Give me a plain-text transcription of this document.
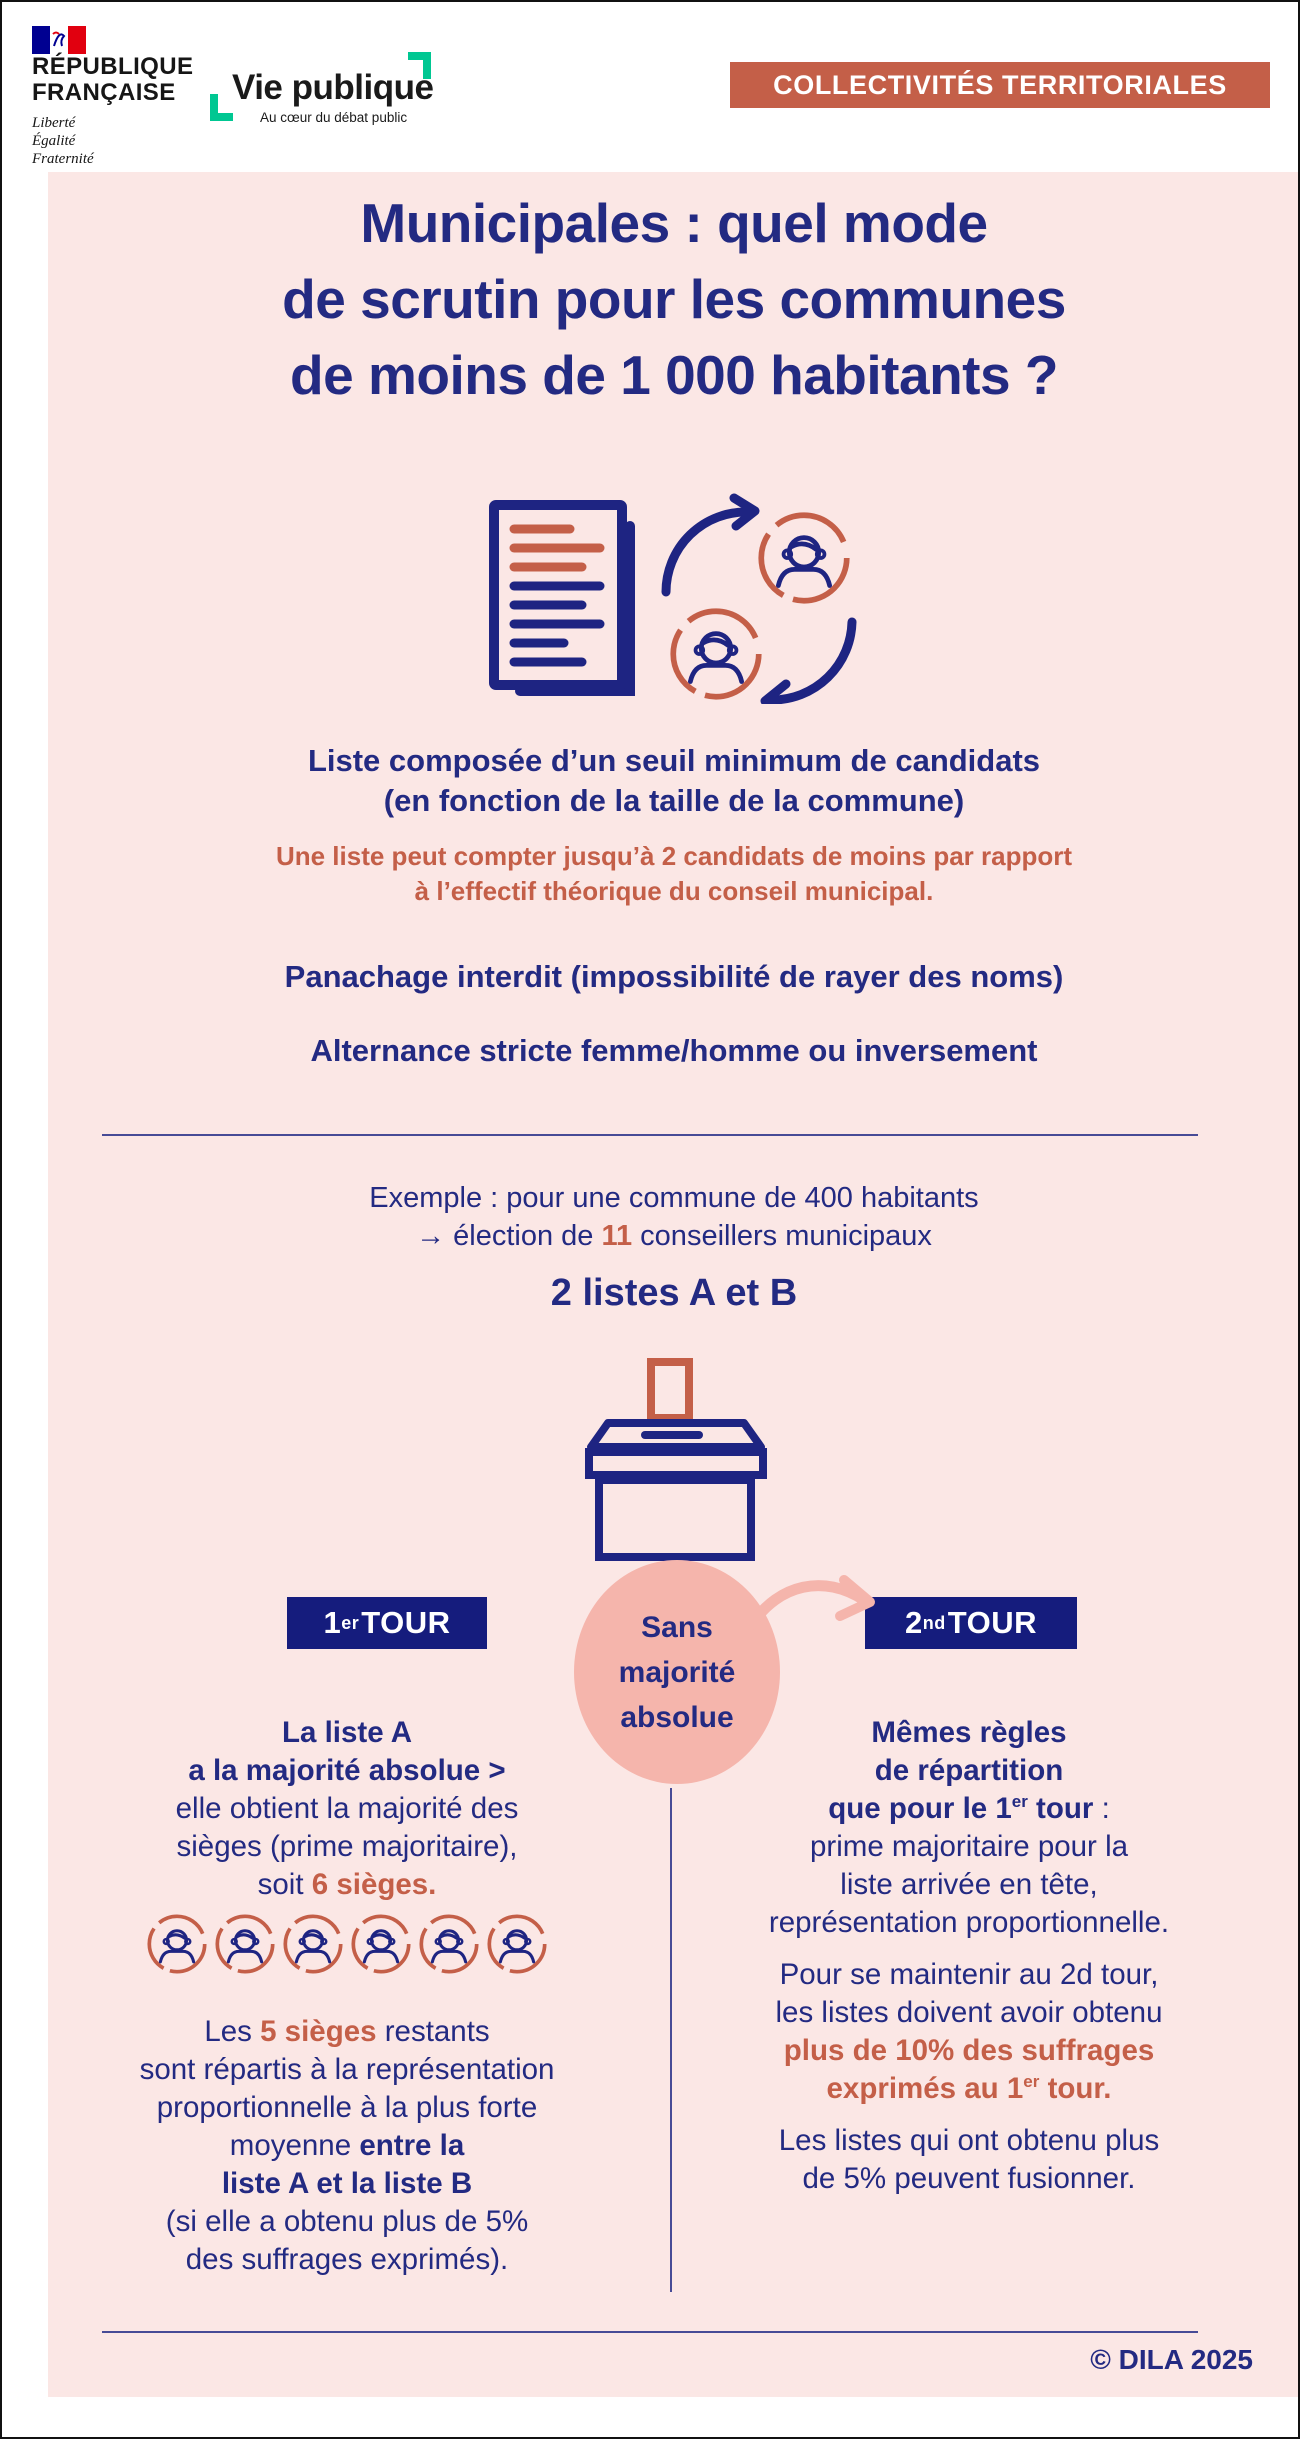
RÉPUBLIQUE
FRANÇAISE
Liberté
Égalité
Fraternité
Vie publique
Au cœur du débat public
COLLECTIVITÉS TERRITORIALES
Municipales : quel mode
de scrutin pour les communes
de moins de 1 000 habitants ?
Liste composée d’un seuil minimum de candidats
(en fonction de la taille de la commune)
Une liste peut compter jusqu’à 2 candidats de moins par rapport
à l’effectif théorique du conseil municipal.
Panachage interdit (impossibilité de rayer des noms)
Alternance stricte femme/homme ou inversement
Exemple : pour une commune de 400 habitants
→ élection de 11 conseillers municipaux
2 listes A et B
1 er TOUR	2 nd TOUR
Sans
majorité
absolue
La liste A
a la majorité absolue >
elle obtient la majorité des
sièges (prime majoritaire),
soit 6 sièges.
Les 5 sièges restants
sont répartis à la représentation
proportionnelle à la plus forte
moyenne entre la
liste A et la liste B
(si elle a obtenu plus de 5%
des suffrages exprimés).
Mêmes règles
de répartition
que pour le 1er tour :
prime majoritaire pour la
liste arrivée en tête,
représentation proportionnelle.
Pour se maintenir au 2d tour,
les listes doivent avoir obtenu
plus de 10% des suffrages
exprimés au 1er tour.
Les listes qui ont obtenu plus
de 5% peuvent fusionner.
© DILA 2025
